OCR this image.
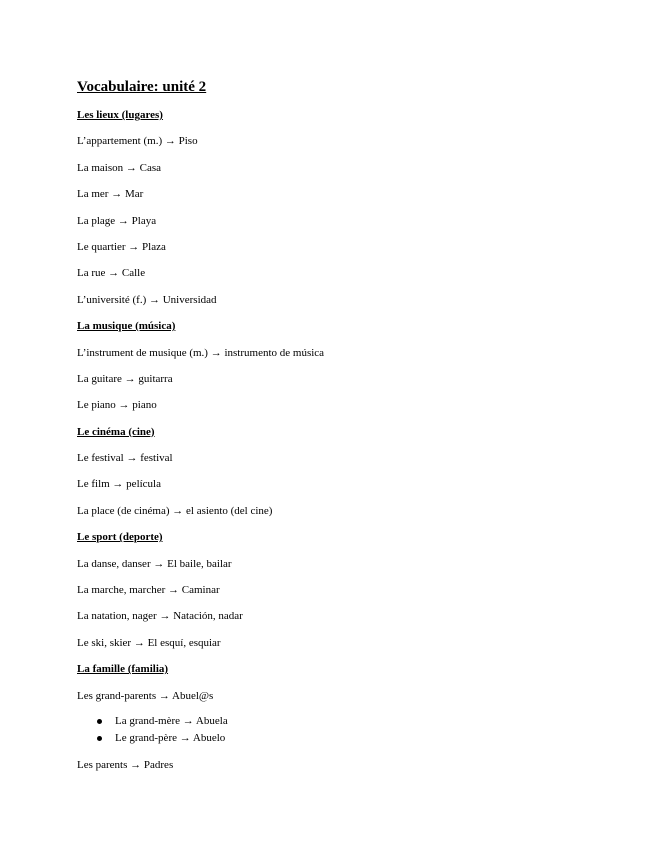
Vocabulaire: unité 2

Les lieux (lugares)

L’appartement (m.) → Piso

La maison → Casa

La mer → Mar

La plage → Playa

Le quartier → Plaza

La rue → Calle

L’université (f.) → Universidad

La musique (música)

L’instrument de musique (m.) → instrumento de música

La guitare → guitarra

Le piano → piano

Le cinéma (cine)

Le festival → festival

Le film → película

La place (de cinéma) → el asiento (del cine)

Le sport (deporte)

La danse, danser → El baile, bailar

La marche, marcher → Caminar

La natation, nager → Natación, nadar

Le ski, skier → El esquí, esquiar

La famille (familia)

Les grand-parents → Abuel@s

La grand-mère → Abuela
Le grand-père → Abuelo

Les parents → Padres
